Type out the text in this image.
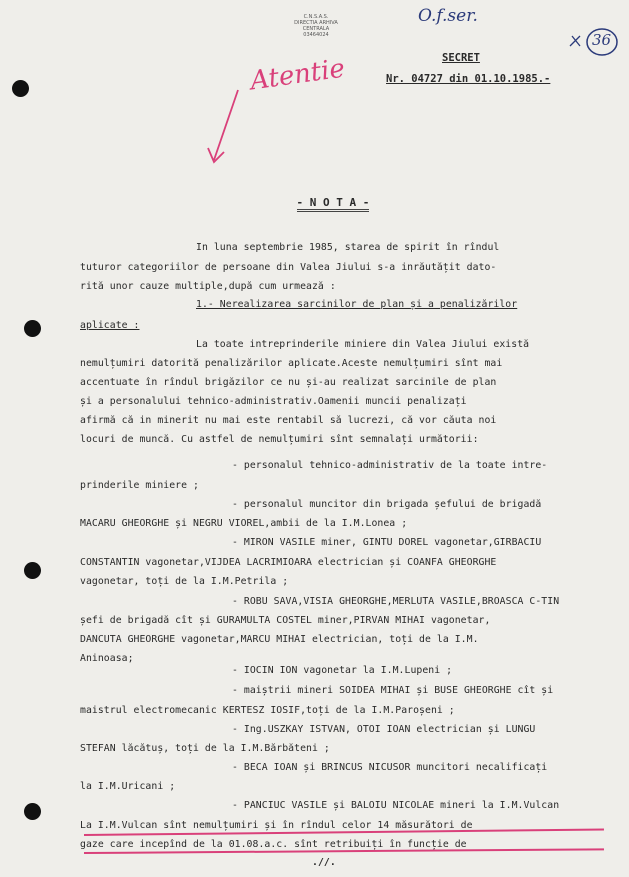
C.N.S.A.S.
DIRECTIA ARHIVA CENTRALA
03464024
O.f.ser.
36
SECRET
Nr. 04727 din 01.10.1985.-
Atentie

- N O T A -

In luna septembrie 1985, starea de spirit în rîndul
tuturor categoriilor de persoane din Valea Jiului s-a inrăutățit dato-
rită unor cauze multiple,după cum urmează :
1.- Nerealizarea sarcinilor de plan și a penalizărilor
aplicate :
La toate intreprinderile miniere din Valea Jiului există
nemulțumiri datorită penalizărilor aplicate.Aceste nemulțumiri sînt mai
accentuate în rîndul brigăzilor ce nu și-au realizat sarcinile de plan
și a personalului tehnico-administrativ.Oamenii muncii penalizați
afirmă că in minerit nu mai este rentabil să lucrezi, că vor căuta noi
locuri de muncă. Cu astfel de nemulțumiri sînt semnalați următorii:
- personalul tehnico-administrativ de la toate intre-
prinderile miniere ;
- personalul muncitor din brigada șefului de brigadă
MACARU GHEORGHE și NEGRU VIOREL,ambii de la I.M.Lonea ;
- MIRON VASILE miner, GINTU DOREL vagonetar,GIRBACIU
CONSTANTIN vagonetar,VIJDEA LACRIMIOARA electrician și COANFA GHEORGHE
vagonetar, toți de la I.M.Petrila ;
- ROBU SAVA,VISIA GHEORGHE,MERLUTA VASILE,BROASCA C-TIN
șefi de brigadă cît și GURAMULTA COSTEL miner,PIRVAN MIHAI vagonetar,
DANCUTA GHEORGHE vagonetar,MARCU MIHAI electrician, toți de la I.M.
Aninoasa;
- IOCIN ION vagonetar la I.M.Lupeni ;
- maiștrii mineri SOIDEA MIHAI și BUSE GHEORGHE cît și
maistrul electromecanic KERTESZ IOSIF,toți de la I.M.Paroșeni ;
- Ing.USZKAY ISTVAN, OTOI IOAN electrician și LUNGU
STEFAN lăcătuș, toți de la I.M.Bărbăteni ;
- BECA IOAN și BRINCUS NICUSOR muncitori necalificați
la I.M.Uricani ;
- PANCIUC VASILE și BALOIU NICOLAE mineri la I.M.Vulcan
La I.M.Vulcan sînt nemulțumiri și în rîndul celor 14 măsurători de
gaze care incepînd de la 01.08.a.c. sînt retribuiți în funcție de
.//.
